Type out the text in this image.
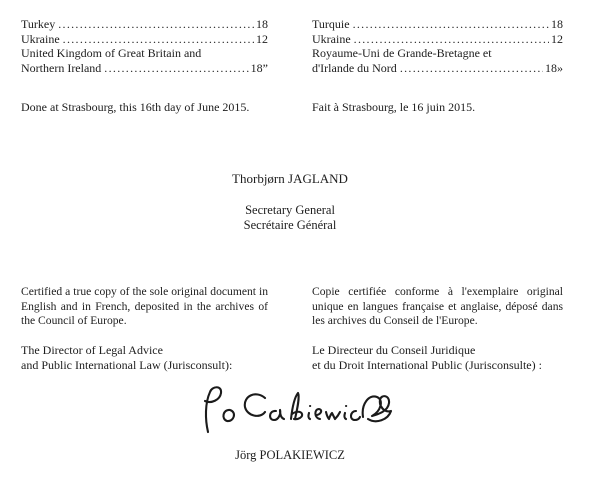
Turkey .....	18
Ukraine .....	12
United Kingdom of Great Britain and
Northern Ireland .....	18”
Turquie .....	18
Ukraine .....	12
Royaume-Uni de Grande-Bretagne et
d'Irlande du Nord .....	18»
Done at Strasbourg, this 16th day of June 2015.	Fait à Strasbourg, le 16 juin 2015.
Thorbjørn JAGLAND
Secretary General
Secrétaire Général
Certified a true copy of the sole original document in
English and in French, deposited in the archives of
the Council of Europe.
Copie certifiée conforme à l'exemplaire original
unique en langues française et anglaise, déposé dans
les archives du Conseil de l'Europe.
The Director of Legal Advice
and Public International Law (Jurisconsult):
Le Directeur du Conseil Juridique
et du Droit International Public (Jurisconsulte) :
Jörg POLAKIEWICZ
